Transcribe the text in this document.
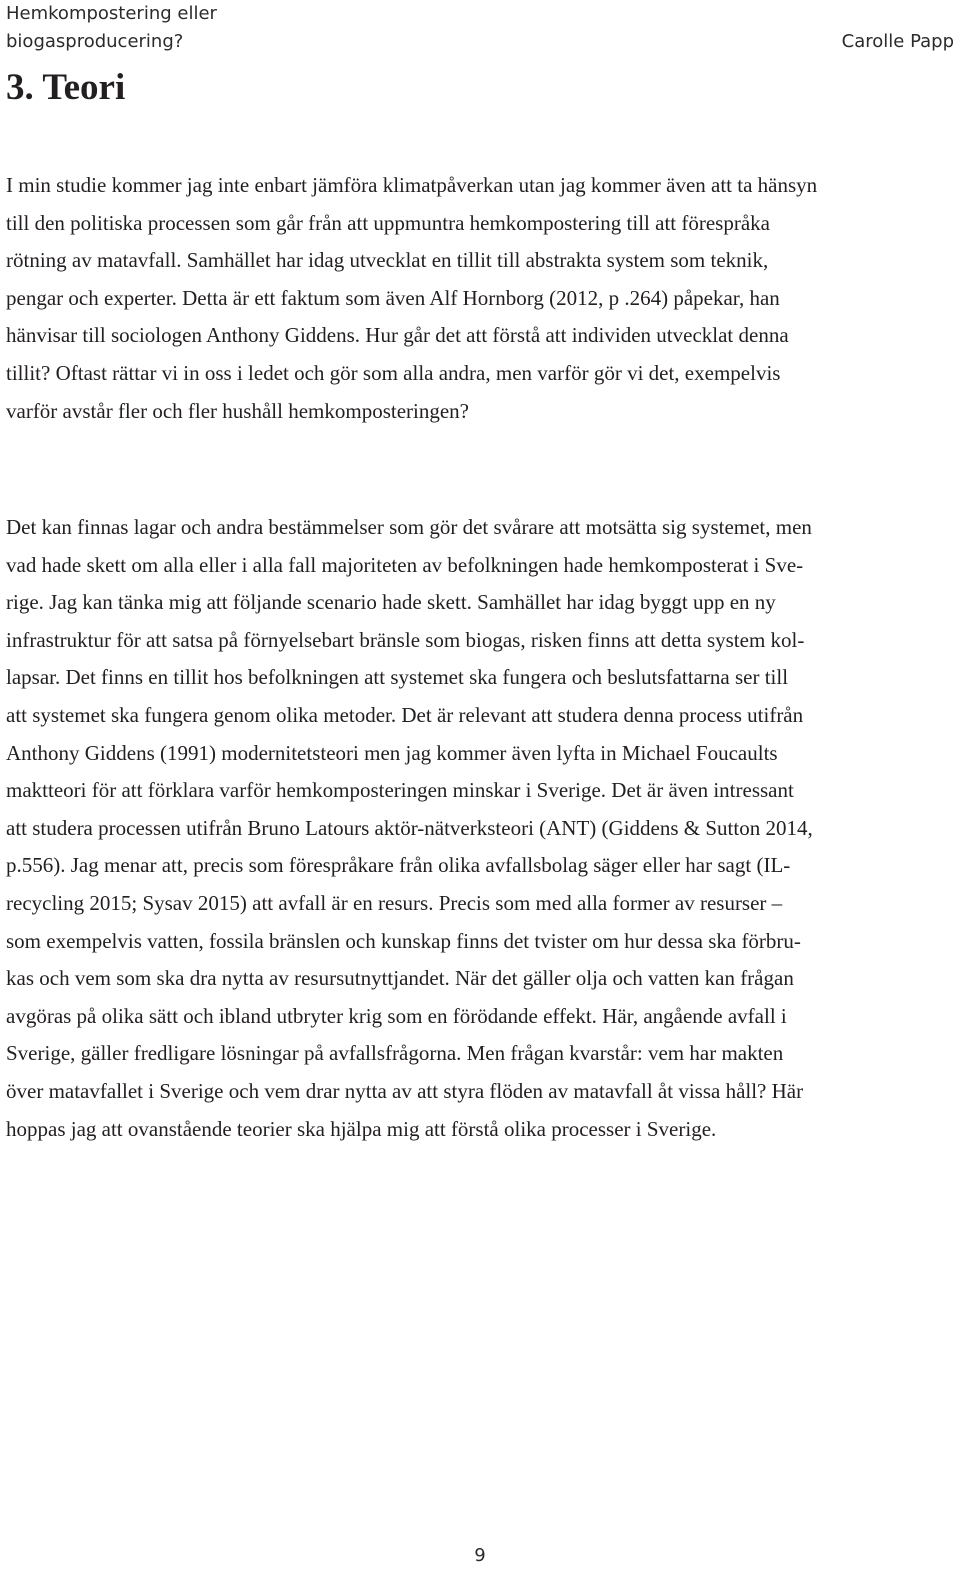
Hemkompostering eller biogasproducering?	Carolle Papp
3. Teori

I min studie kommer jag inte enbart jämföra klimatpåverkan utan jag kommer även att ta hänsyn
till den politiska processen som går från att uppmuntra hemkompostering till att förespråka
rötning av matavfall. Samhället har idag utvecklat en tillit till abstrakta system som teknik,
pengar och experter. Detta är ett faktum som även Alf Hornborg (2012, p .264) påpekar, han
hänvisar till sociologen Anthony Giddens. Hur går det att förstå att individen utvecklat denna
tillit? Oftast rättar vi in oss i ledet och gör som alla andra, men varför gör vi det, exempelvis
varför avstår fler och fler hushåll hemkomposteringen?

Det kan finnas lagar och andra bestämmelser som gör det svårare att motsätta sig systemet, men
vad hade skett om alla eller i alla fall majoriteten av befolkningen hade hemkomposterat i Sve-
rige. Jag kan tänka mig att följande scenario hade skett. Samhället har idag byggt upp en ny
infrastruktur för att satsa på förnyelsebart bränsle som biogas, risken finns att detta system kol-
lapsar. Det finns en tillit hos befolkningen att systemet ska fungera och beslutsfattarna ser till
att systemet ska fungera genom olika metoder. Det är relevant att studera denna process utifrån
Anthony Giddens (1991) modernitetsteori men jag kommer även lyfta in Michael Foucaults
maktteori för att förklara varför hemkomposteringen minskar i Sverige. Det är även intressant
att studera processen utifrån Bruno Latours aktör-nätverksteori (ANT) (Giddens & Sutton 2014,
p.556). Jag menar att, precis som förespråkare från olika avfallsbolag säger eller har sagt (IL-
recycling 2015; Sysav 2015) att avfall är en resurs. Precis som med alla former av resurser –
som exempelvis vatten, fossila bränslen och kunskap finns det tvister om hur dessa ska förbru-
kas och vem som ska dra nytta av resursutnyttjandet. När det gäller olja och vatten kan frågan
avgöras på olika sätt och ibland utbryter krig som en förödande effekt. Här, angående avfall i
Sverige, gäller fredligare lösningar på avfallsfrågorna. Men frågan kvarstår: vem har makten
över matavfallet i Sverige och vem drar nytta av att styra flöden av matavfall åt vissa håll? Här
hoppas jag att ovanstående teorier ska hjälpa mig att förstå olika processer i Sverige.

9
